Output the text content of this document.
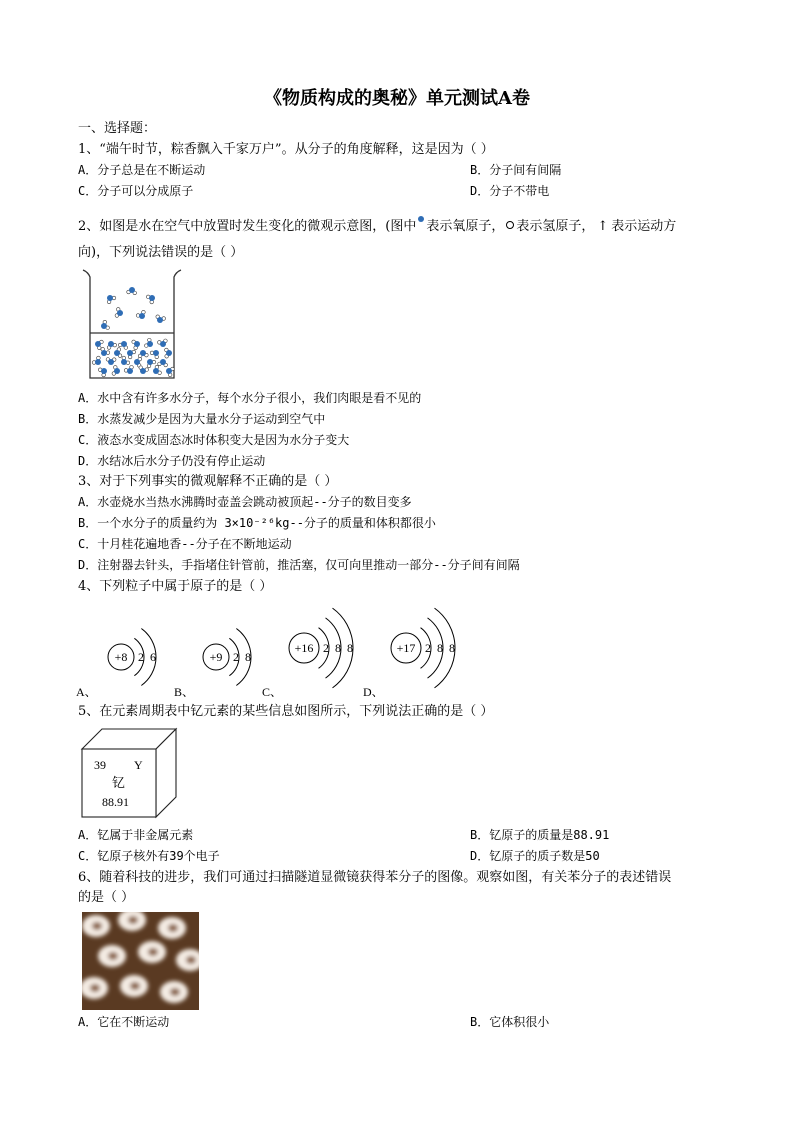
《物质构成的奥秘》单元测试A卷
一、选择题：
1、“端午时节，粽香飘入千家万户”。从分子的角度解释，这是因为（ ）
A．分子总是在不断运动	B．分子间有间隔
C．分子可以分成原子	D．分子不带电
2、如图是水在空气中放置时发生变化的微观示意图，(图中 表示氧原子， 表示氢原子， ↑ 表示运动方
向)，下列说法错误的是（ ）
A．水中含有许多水分子，每个水分子很小，我们肉眼是看不见的
B．水蒸发减少是因为大量水分子运动到空气中
C．液态水变成固态冰时体积变大是因为水分子变大
D．水结冰后水分子仍没有停止运动
3、对于下列事实的微观解释不正确的是（ ）
A．水壶烧水当热水沸腾时壶盖会跳动被顶起--分子的数目变多
B．一个水分子的质量约为 3×10⁻²⁶kg--分子的质量和体积都很小
C．十月桂花遍地香--分子在不断地运动
D．注射器去针头，手指堵住针管前，推活塞，仅可向里推动一部分--分子间有间隔
4、下列粒子中属于原子的是（ ）
+8 2 6
A、
+9 2 8
B、
+16 2 8 8
C、
+17 2 8 8
D、
5、在元素周期表中钇元素的某些信息如图所示，下列说法正确的是（ ）
39 Y
钇
88.91
A．钇属于非金属元素	B．钇原子的质量是88.91
C．钇原子核外有39个电子	D．钇原子的质子数是50
6、随着科技的进步，我们可通过扫描隧道显微镜获得苯分子的图像。观察如图，有关苯分子的表述错误
的是（ ）
A．它在不断运动	B．它体积很小
